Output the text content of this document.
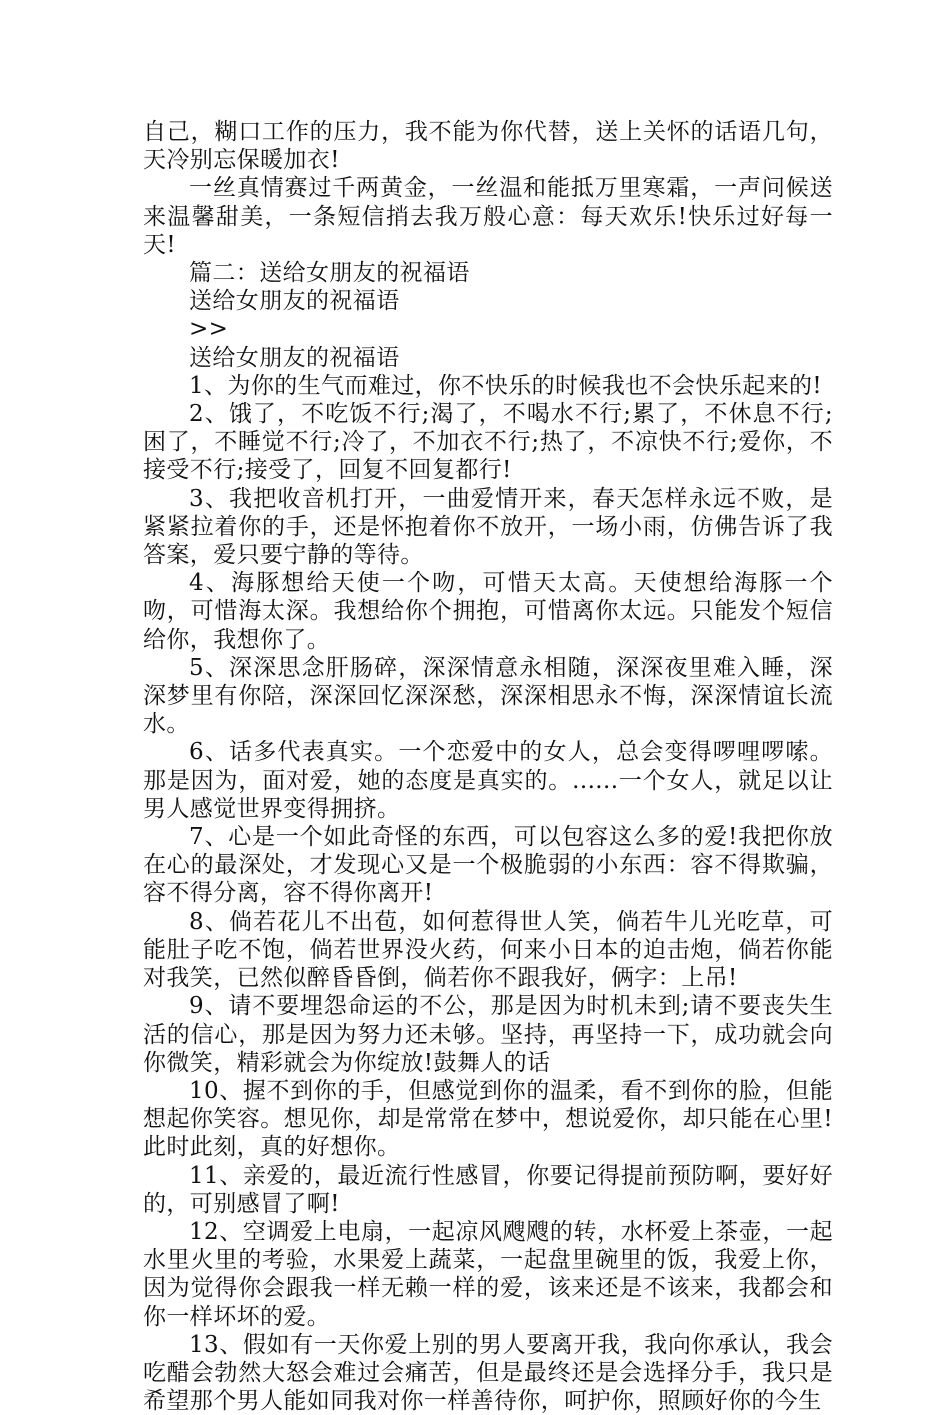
自己，糊口工作的压力，我不能为你代替，送上关怀的话语几句，天冷别忘保暖加衣!

一丝真情赛过千两黄金，一丝温和能抵万里寒霜，一声问候送来温馨甜美，一条短信捎去我万般心意：每天欢乐!快乐过好每一天!

篇二：送给女朋友的祝福语

送给女朋友的祝福语

>>

送给女朋友的祝福语

1、为你的生气而难过，你不快乐的时候我也不会快乐起来的!

2、饿了，不吃饭不行;渴了，不喝水不行;累了，不休息不行;困了，不睡觉不行;冷了，不加衣不行;热了，不凉快不行;爱你，不接受不行;接受了，回复不回复都行!

3、我把收音机打开，一曲爱情开来，春天怎样永远不败，是紧紧拉着你的手，还是怀抱着你不放开，一场小雨，仿佛告诉了我答案，爱只要宁静的等待。

4、海豚想给天使一个吻，可惜天太高。天使想给海豚一个吻，可惜海太深。我想给你个拥抱，可惜离你太远。只能发个短信给你，我想你了。

5、深深思念肝肠碎，深深情意永相随，深深夜里难入睡，深深梦里有你陪，深深回忆深深愁，深深相思永不悔，深深情谊长流水。

6、话多代表真实。一个恋爱中的女人，总会变得啰哩啰嗦。那是因为，面对爱，她的态度是真实的。......一个女人，就足以让男人感觉世界变得拥挤。

7、心是一个如此奇怪的东西，可以包容这么多的爱!我把你放在心的最深处，才发现心又是一个极脆弱的小东西：容不得欺骗，容不得分离，容不得你离开!

8、倘若花儿不出苞，如何惹得世人笑，倘若牛儿光吃草，可能肚子吃不饱，倘若世界没火药，何来小日本的迫击炮，倘若你能对我笑，已然似醉昏昏倒，倘若你不跟我好，俩字：上吊!

9、请不要埋怨命运的不公，那是因为时机未到;请不要丧失生活的信心，那是因为努力还未够。坚持，再坚持一下，成功就会向你微笑，精彩就会为你绽放!鼓舞人的话

10、握不到你的手，但感觉到你的温柔，看不到你的脸，但能想起你笑容。想见你，却是常常在梦中，想说爱你，却只能在心里!此时此刻，真的好想你。

11、亲爱的，最近流行性感冒，你要记得提前预防啊，要好好的，可别感冒了啊!

12、空调爱上电扇，一起凉风飕飕的转，水杯爱上茶壶，一起水里火里的考验，水果爱上蔬菜，一起盘里碗里的饭，我爱上你，因为觉得你会跟我一样无赖一样的爱，该来还是不该来，我都会和你一样坏坏的爱。

13、假如有一天你爱上别的男人要离开我，我向你承认，我会吃醋会勃然大怒会难过会痛苦，但是最终还是会选择分手，我只是希望那个男人能如同我对你一样善待你，呵护你，照顾好你的今生
